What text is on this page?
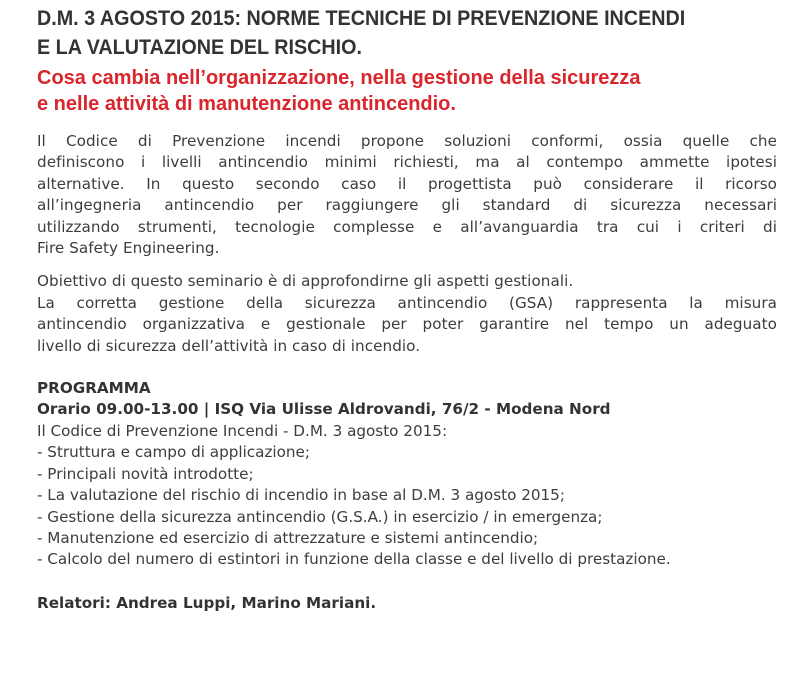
D.M. 3 AGOSTO 2015: NORME TECNICHE DI PREVENZIONE INCENDI
E LA VALUTAZIONE DEL RISCHIO.
Cosa cambia nell’organizzazione, nella gestione della sicurezza
e nelle attività di manutenzione antincendio.

Il Codice di Prevenzione incendi propone soluzioni conformi, ossia quelle che
definiscono i livelli antincendio minimi richiesti, ma al contempo ammette ipotesi
alternative. In questo secondo caso il progettista può considerare il ricorso
all’ingegneria antincendio per raggiungere gli standard di sicurezza necessari
utilizzando strumenti, tecnologie complesse e all’avanguardia tra cui i criteri di
Fire Safety Engineering.

Obiettivo di questo seminario è di approfondirne gli aspetti gestionali.
La corretta gestione della sicurezza antincendio (GSA) rappresenta la misura
antincendio organizzativa e gestionale per poter garantire nel tempo un adeguato
livello di sicurezza dell’attività in caso di incendio.

PROGRAMMA
Orario 09.00-13.00 | ISQ Via Ulisse Aldrovandi, 76/2 - Modena Nord
Il Codice di Prevenzione Incendi - D.M. 3 agosto 2015:
- Struttura e campo di applicazione;
- Principali novità introdotte;
- La valutazione del rischio di incendio in base al D.M. 3 agosto 2015;
- Gestione della sicurezza antincendio (G.S.A.) in esercizio / in emergenza;
- Manutenzione ed esercizio di attrezzature e sistemi antincendio;
- Calcolo del numero di estintori in funzione della classe e del livello di prestazione.
Relatori: Andrea Luppi, Marino Mariani.
